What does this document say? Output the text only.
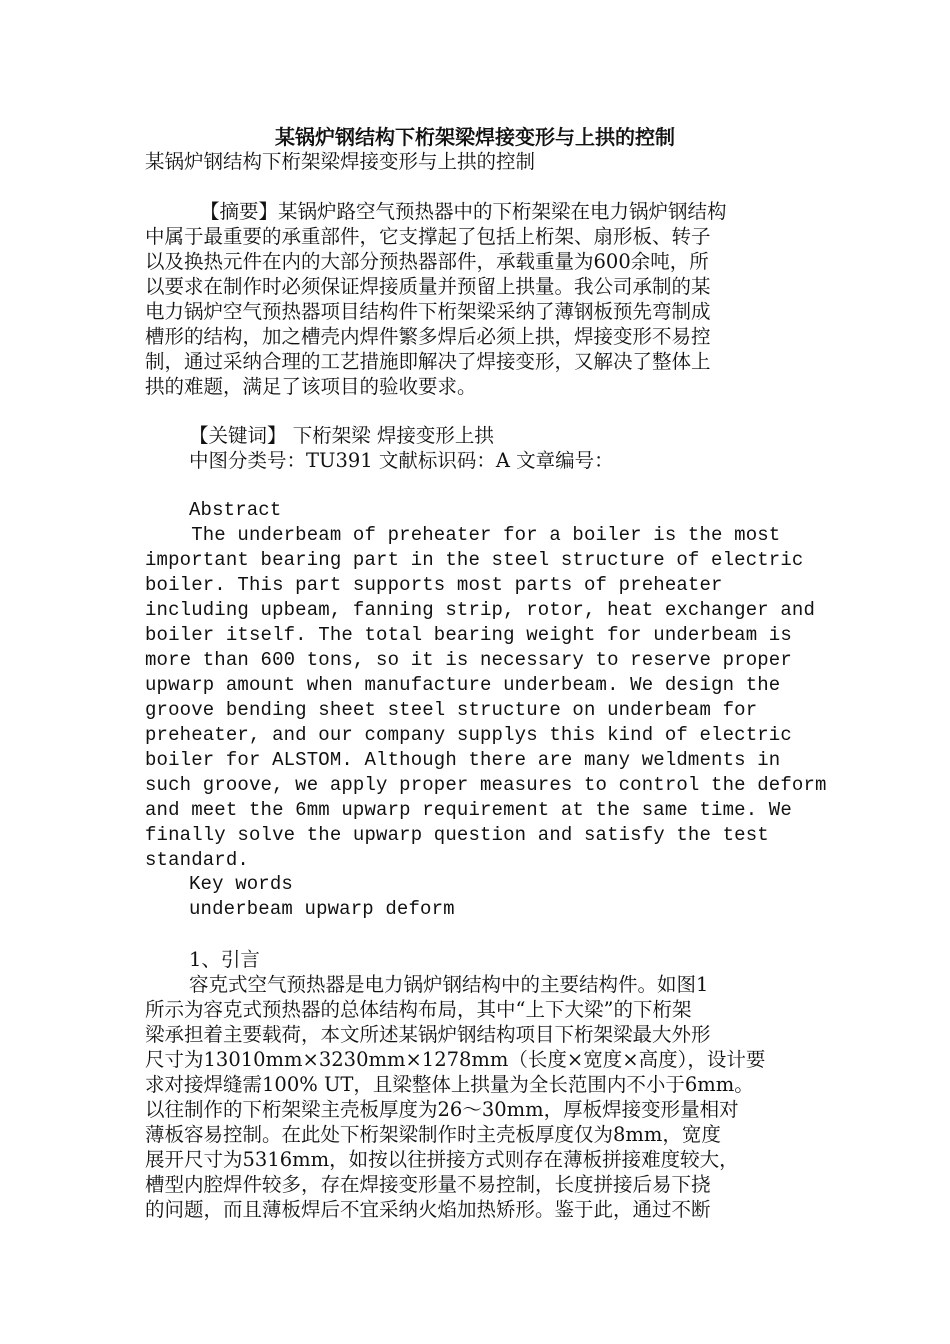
某锅炉钢结构下桁架梁焊接变形与上拱的控制
某锅炉钢结构下桁架梁焊接变形与上拱的控制
【摘要】某锅炉路空气预热器中的下桁架梁在电力锅炉钢结构
中属于最重要的承重部件，它支撑起了包括上桁架、扇形板、转子
以及换热元件在内的大部分预热器部件，承载重量为600余吨，所
以要求在制作时必须保证焊接质量并预留上拱量。我公司承制的某
电力锅炉空气预热器项目结构件下桁架梁采纳了薄钢板预先弯制成
槽形的结构，加之槽壳内焊件繁多焊后必须上拱，焊接变形不易控
制，通过采纳合理的工艺措施即解决了焊接变形，又解决了整体上
拱的难题，满足了该项目的验收要求。
【关键词】 下桁架梁 焊接变形上拱
中图分类号：TU391 文献标识码：A 文章编号：
Abstract
The underbeam of preheater for a boiler is the most
important bearing part in the steel structure of electric
boiler. This part supports most parts of preheater
including upbeam, fanning strip, rotor, heat exchanger and
boiler itself. The total bearing weight for underbeam is
more than 600 tons, so it is necessary to reserve proper
upwarp amount when manufacture underbeam. We design the
groove bending sheet steel structure on underbeam for
preheater, and our company supplys this kind of electric
boiler for ALSTOM. Although there are many weldments in
such groove, we apply proper measures to control the deform
and meet the 6mm upwarp requirement at the same time. We
finally solve the upwarp question and satisfy the test
standard.
Key words
underbeam upwarp deform
1、引言
容克式空气预热器是电力锅炉钢结构中的主要结构件。如图1
所示为容克式预热器的总体结构布局，其中“上下大梁”的下桁架
梁承担着主要载荷，本文所述某锅炉钢结构项目下桁架梁最大外形
尺寸为13010mm×3230mm×1278mm（长度×宽度×高度），设计要
求对接焊缝需100% UT，且梁整体上拱量为全长范围内不小于6mm。
以往制作的下桁架梁主壳板厚度为26～30mm，厚板焊接变形量相对
薄板容易控制。在此处下桁架梁制作时主壳板厚度仅为8mm，宽度
展开尺寸为5316mm，如按以往拼接方式则存在薄板拼接难度较大，
槽型内腔焊件较多，存在焊接变形量不易控制，长度拼接后易下挠
的问题，而且薄板焊后不宜采纳火焰加热矫形。鉴于此，通过不断
